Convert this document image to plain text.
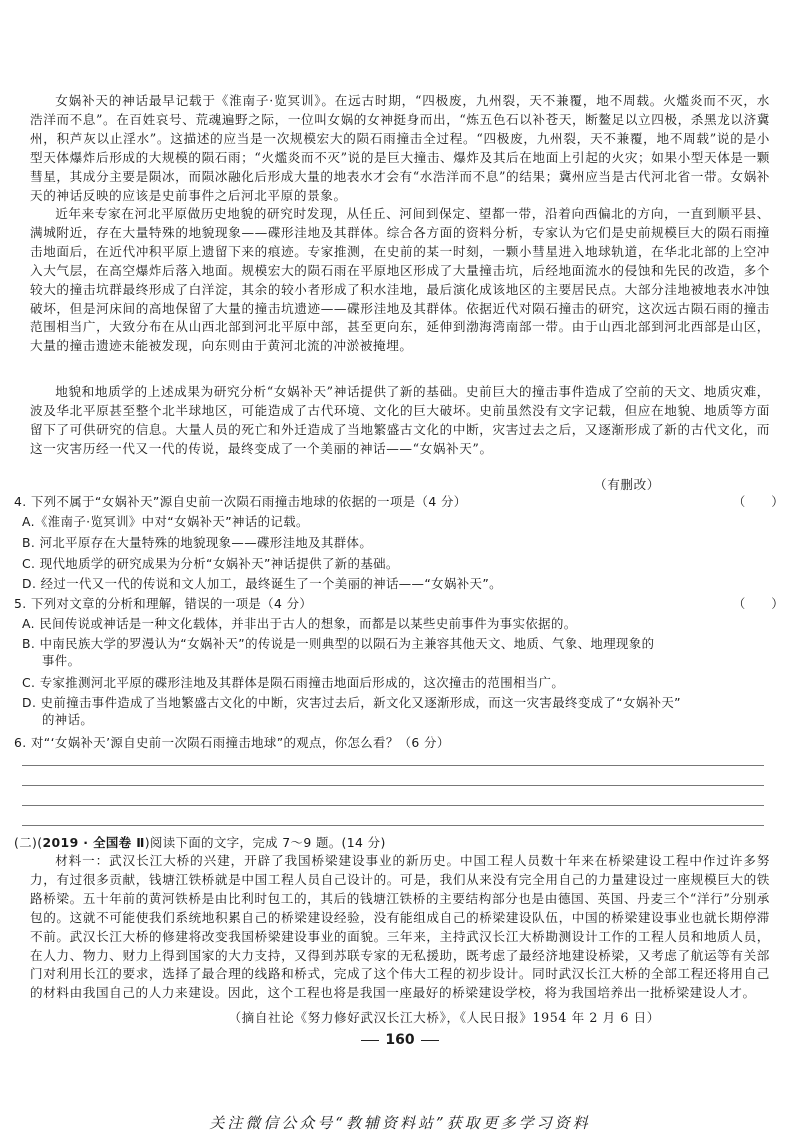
女娲补天的神话最早记载于《淮南子·览冥训》。在远古时期，“四极废，九州裂，天不兼覆，地不周载。火爁炎而不灭，水浩洋而不息”。在百姓哀号、荒魂遍野之际，一位叫女娲的女神挺身而出，“炼五色石以补苍天，断鳌足以立四极，杀黑龙以济冀州，积芦灰以止淫水”。这描述的应当是一次规模宏大的陨石雨撞击全过程。“四极废，九州裂，天不兼覆，地不周载”说的是小型天体爆炸后形成的大规模的陨石雨；“火爁炎而不灭”说的是巨大撞击、爆炸及其后在地面上引起的火灾；如果小型天体是一颗彗星，其成分主要是陨冰，而陨冰融化后形成大量的地表水才会有“水浩洋而不息”的结果；冀州应当是古代河北省一带。女娲补天的神话反映的应该是史前事件之后河北平原的景象。
近年来专家在河北平原做历史地貌的研究时发现，从任丘、河间到保定、望都一带，沿着向西偏北的方向，一直到顺平县、满城附近，存在大量特殊的地貌现象——碟形洼地及其群体。综合各方面的资料分析，专家认为它们是史前规模巨大的陨石雨撞击地面后，在近代冲积平原上遗留下来的痕迹。专家推测，在史前的某一时刻，一颗小彗星进入地球轨道，在华北北部的上空冲入大气层，在高空爆炸后落入地面。规模宏大的陨石雨在平原地区形成了大量撞击坑，后经地面流水的侵蚀和先民的改造，多个较大的撞击坑群最终形成了白洋淀，其余的较小者形成了积水洼地，最后演化成该地区的主要居民点。大部分洼地被地表水冲蚀破坏，但是河床间的高地保留了大量的撞击坑遗迹——碟形洼地及其群体。依据近代对陨石撞击的研究，这次远古陨石雨的撞击范围相当广，大致分布在从山西北部到河北平原中部，甚至更向东，延伸到渤海湾南部一带。由于山西北部到河北西部是山区，大量的撞击遗迹未能被发现，向东则由于黄河北流的冲淤被掩埋。
地貌和地质学的上述成果为研究分析“女娲补天”神话提供了新的基础。史前巨大的撞击事件造成了空前的天文、地质灾难，波及华北平原甚至整个北半球地区，可能造成了古代环境、文化的巨大破坏。史前虽然没有文字记载，但应在地貌、地质等方面留下了可供研究的信息。大量人员的死亡和外迁造成了当地繁盛古文化的中断，灾害过去之后，又逐渐形成了新的古代文化，而这一灾害历经一代又一代的传说，最终变成了一个美丽的神话——“女娲补天”。
（有删改）
4. 下列不属于“女娲补天”源自史前一次陨石雨撞击地球的依据的一项是（4 分）	（　　）
A.《淮南子·览冥训》中对“女娲补天”神话的记载。
B. 河北平原存在大量特殊的地貌现象——碟形洼地及其群体。
C. 现代地质学的研究成果为分析“女娲补天”神话提供了新的基础。
D. 经过一代又一代的传说和文人加工，最终诞生了一个美丽的神话——“女娲补天”。
5. 下列对文章的分析和理解，错误的一项是（4 分）	（　　）
A. 民间传说或神话是一种文化载体，并非出于古人的想象，而都是以某些史前事件为事实依据的。
B. 中南民族大学的罗漫认为“女娲补天”的传说是一则典型的以陨石为主兼容其他天文、地质、气象、地理现象的
事件。
C. 专家推测河北平原的碟形洼地及其群体是陨石雨撞击地面后形成的，这次撞击的范围相当广。
D. 史前撞击事件造成了当地繁盛古文化的中断，灾害过去后，新文化又逐渐形成，而这一灾害最终变成了“女娲补天”
的神话。
6. 对“‘女娲补天’源自史前一次陨石雨撞击地球”的观点，你怎么看？（6 分）
(二)(2019 · 全国卷 Ⅱ)阅读下面的文字，完成 7～9 题。(14 分)
材料一：武汉长江大桥的兴建，开辟了我国桥梁建设事业的新历史。中国工程人员数十年来在桥梁建设工程中作过许多努力，有过很多贡献，钱塘江铁桥就是中国工程人员自己设计的。可是，我们从来没有完全用自己的力量建设过一座规模巨大的铁路桥梁。五十年前的黄河铁桥是由比利时包工的，其后的钱塘江铁桥的主要结构部分也是由德国、英国、丹麦三个“洋行”分别承包的。这就不可能使我们系统地积累自己的桥梁建设经验，没有能组成自己的桥梁建设队伍，中国的桥梁建设事业也就长期停滞不前。武汉长江大桥的修建将改变我国桥梁建设事业的面貌。三年来，主持武汉长江大桥勘测设计工作的工程人员和地质人员，在人力、物力、财力上得到国家的大力支持，又得到苏联专家的无私援助，既考虑了最经济地建设桥梁，又考虑了航运等有关部门对利用长江的要求，选择了最合理的线路和桥式，完成了这个伟大工程的初步设计。同时武汉长江大桥的全部工程还将用自己的材料由我国自己的人力来建设。因此，这个工程也将是我国一座最好的桥梁建设学校，将为我国培养出一批桥梁建设人才。
（摘自社论《努力修好武汉长江大桥》，《人民日报》1954 年 2 月 6 日）
160
关注微信公众号“教辅资料站”获取更多学习资料
